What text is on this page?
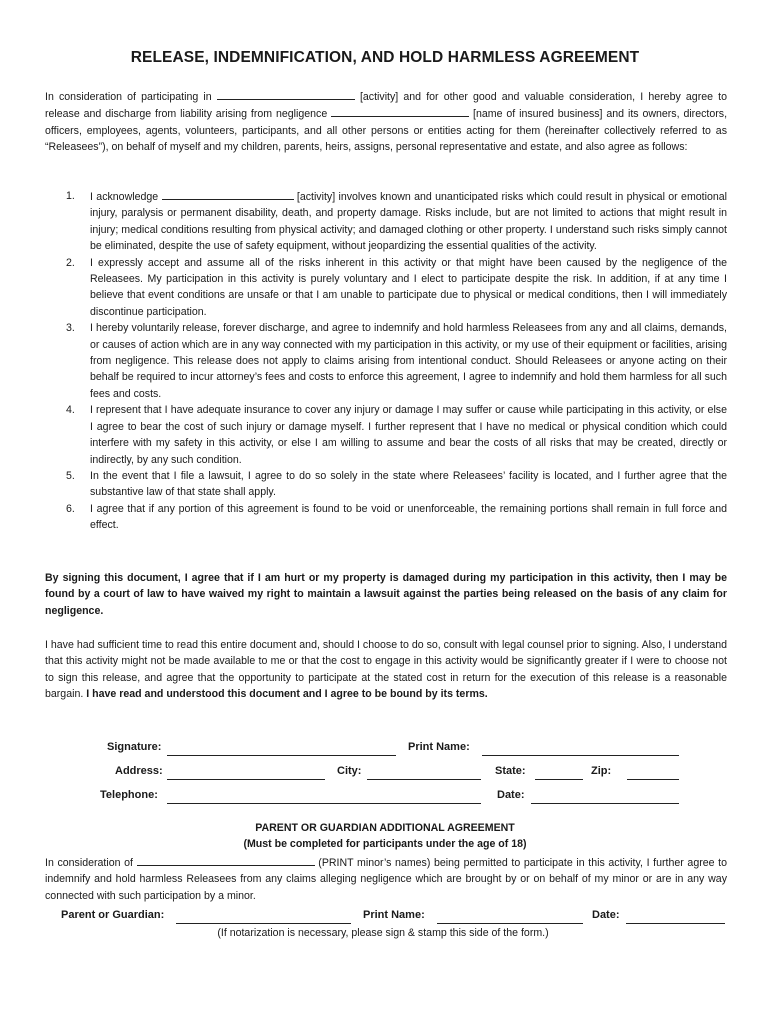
RELEASE, INDEMNIFICATION, AND HOLD HARMLESS AGREEMENT
In consideration of participating in	[activity] and for other good and valuable consideration, I hereby agree to release and discharge from liability arising from negligence	[name of insured business] and its owners, directors, officers, employees, agents, volunteers, participants, and all other persons or entities acting for them (hereinafter collectively referred to as “Releasees”), on behalf of myself and my children, parents, heirs, assigns, personal representative and estate, and also agree as follows:
1. I acknowledge	[activity] involves known and unanticipated risks which could result in physical or emotional injury, paralysis or permanent disability, death, and property damage. Risks include, but are not limited to actions that might result in injury; medical conditions resulting from physical activity; and damaged clothing or other property. I understand such risks simply cannot be eliminated, despite the use of safety equipment, without jeopardizing the essential qualities of the activity.
2. I expressly accept and assume all of the risks inherent in this activity or that might have been caused by the negligence of the Releasees. My participation in this activity is purely voluntary and I elect to participate despite the risk. In addition, if at any time I believe that event conditions are unsafe or that I am unable to participate due to physical or medical conditions, then I will immediately discontinue participation.
3. I hereby voluntarily release, forever discharge, and agree to indemnify and hold harmless Releasees from any and all claims, demands, or causes of action which are in any way connected with my participation in this activity, or my use of their equipment or facilities, arising from negligence. This release does not apply to claims arising from intentional conduct. Should Releasees or anyone acting on their behalf be required to incur attorney’s fees and costs to enforce this agreement, I agree to indemnify and hold them harmless for all such fees and costs.
4. I represent that I have adequate insurance to cover any injury or damage I may suffer or cause while participating in this activity, or else I agree to bear the cost of such injury or damage myself. I further represent that I have no medical or physical condition which could interfere with my safety in this activity, or else I am willing to assume and bear the costs of all risks that may be created, directly or indirectly, by any such condition.
5. In the event that I file a lawsuit, I agree to do so solely in the state where Releasees’ facility is located, and I further agree that the substantive law of that state shall apply.
6. I agree that if any portion of this agreement is found to be void or unenforceable, the remaining portions shall remain in full force and effect.
By signing this document, I agree that if I am hurt or my property is damaged during my participation in this activity, then I may be found by a court of law to have waived my right to maintain a lawsuit against the parties being released on the basis of any claim for negligence.
I have had sufficient time to read this entire document and, should I choose to do so, consult with legal counsel prior to signing. Also, I understand that this activity might not be made available to me or that the cost to engage in this activity would be significantly greater if I were to choose not to sign this release, and agree that the opportunity to participate at the stated cost in return for the execution of this release is a reasonable bargain. I have read and understood this document and I agree to be bound by its terms.
Signature:	Print Name:
Address:	City:	State:	Zip:
Telephone:	Date:
PARENT OR GUARDIAN ADDITIONAL AGREEMENT
(Must be completed for participants under the age of 18)
In consideration of	(PRINT minor’s names) being permitted to participate in this activity, I further agree to indemnify and hold harmless Releasees from any claims alleging negligence which are brought by or on behalf of my minor or are in any way connected with such participation by a minor.
Parent or Guardian:	Print Name:	Date:
(If notarization is necessary, please sign & stamp this side of the form.)
